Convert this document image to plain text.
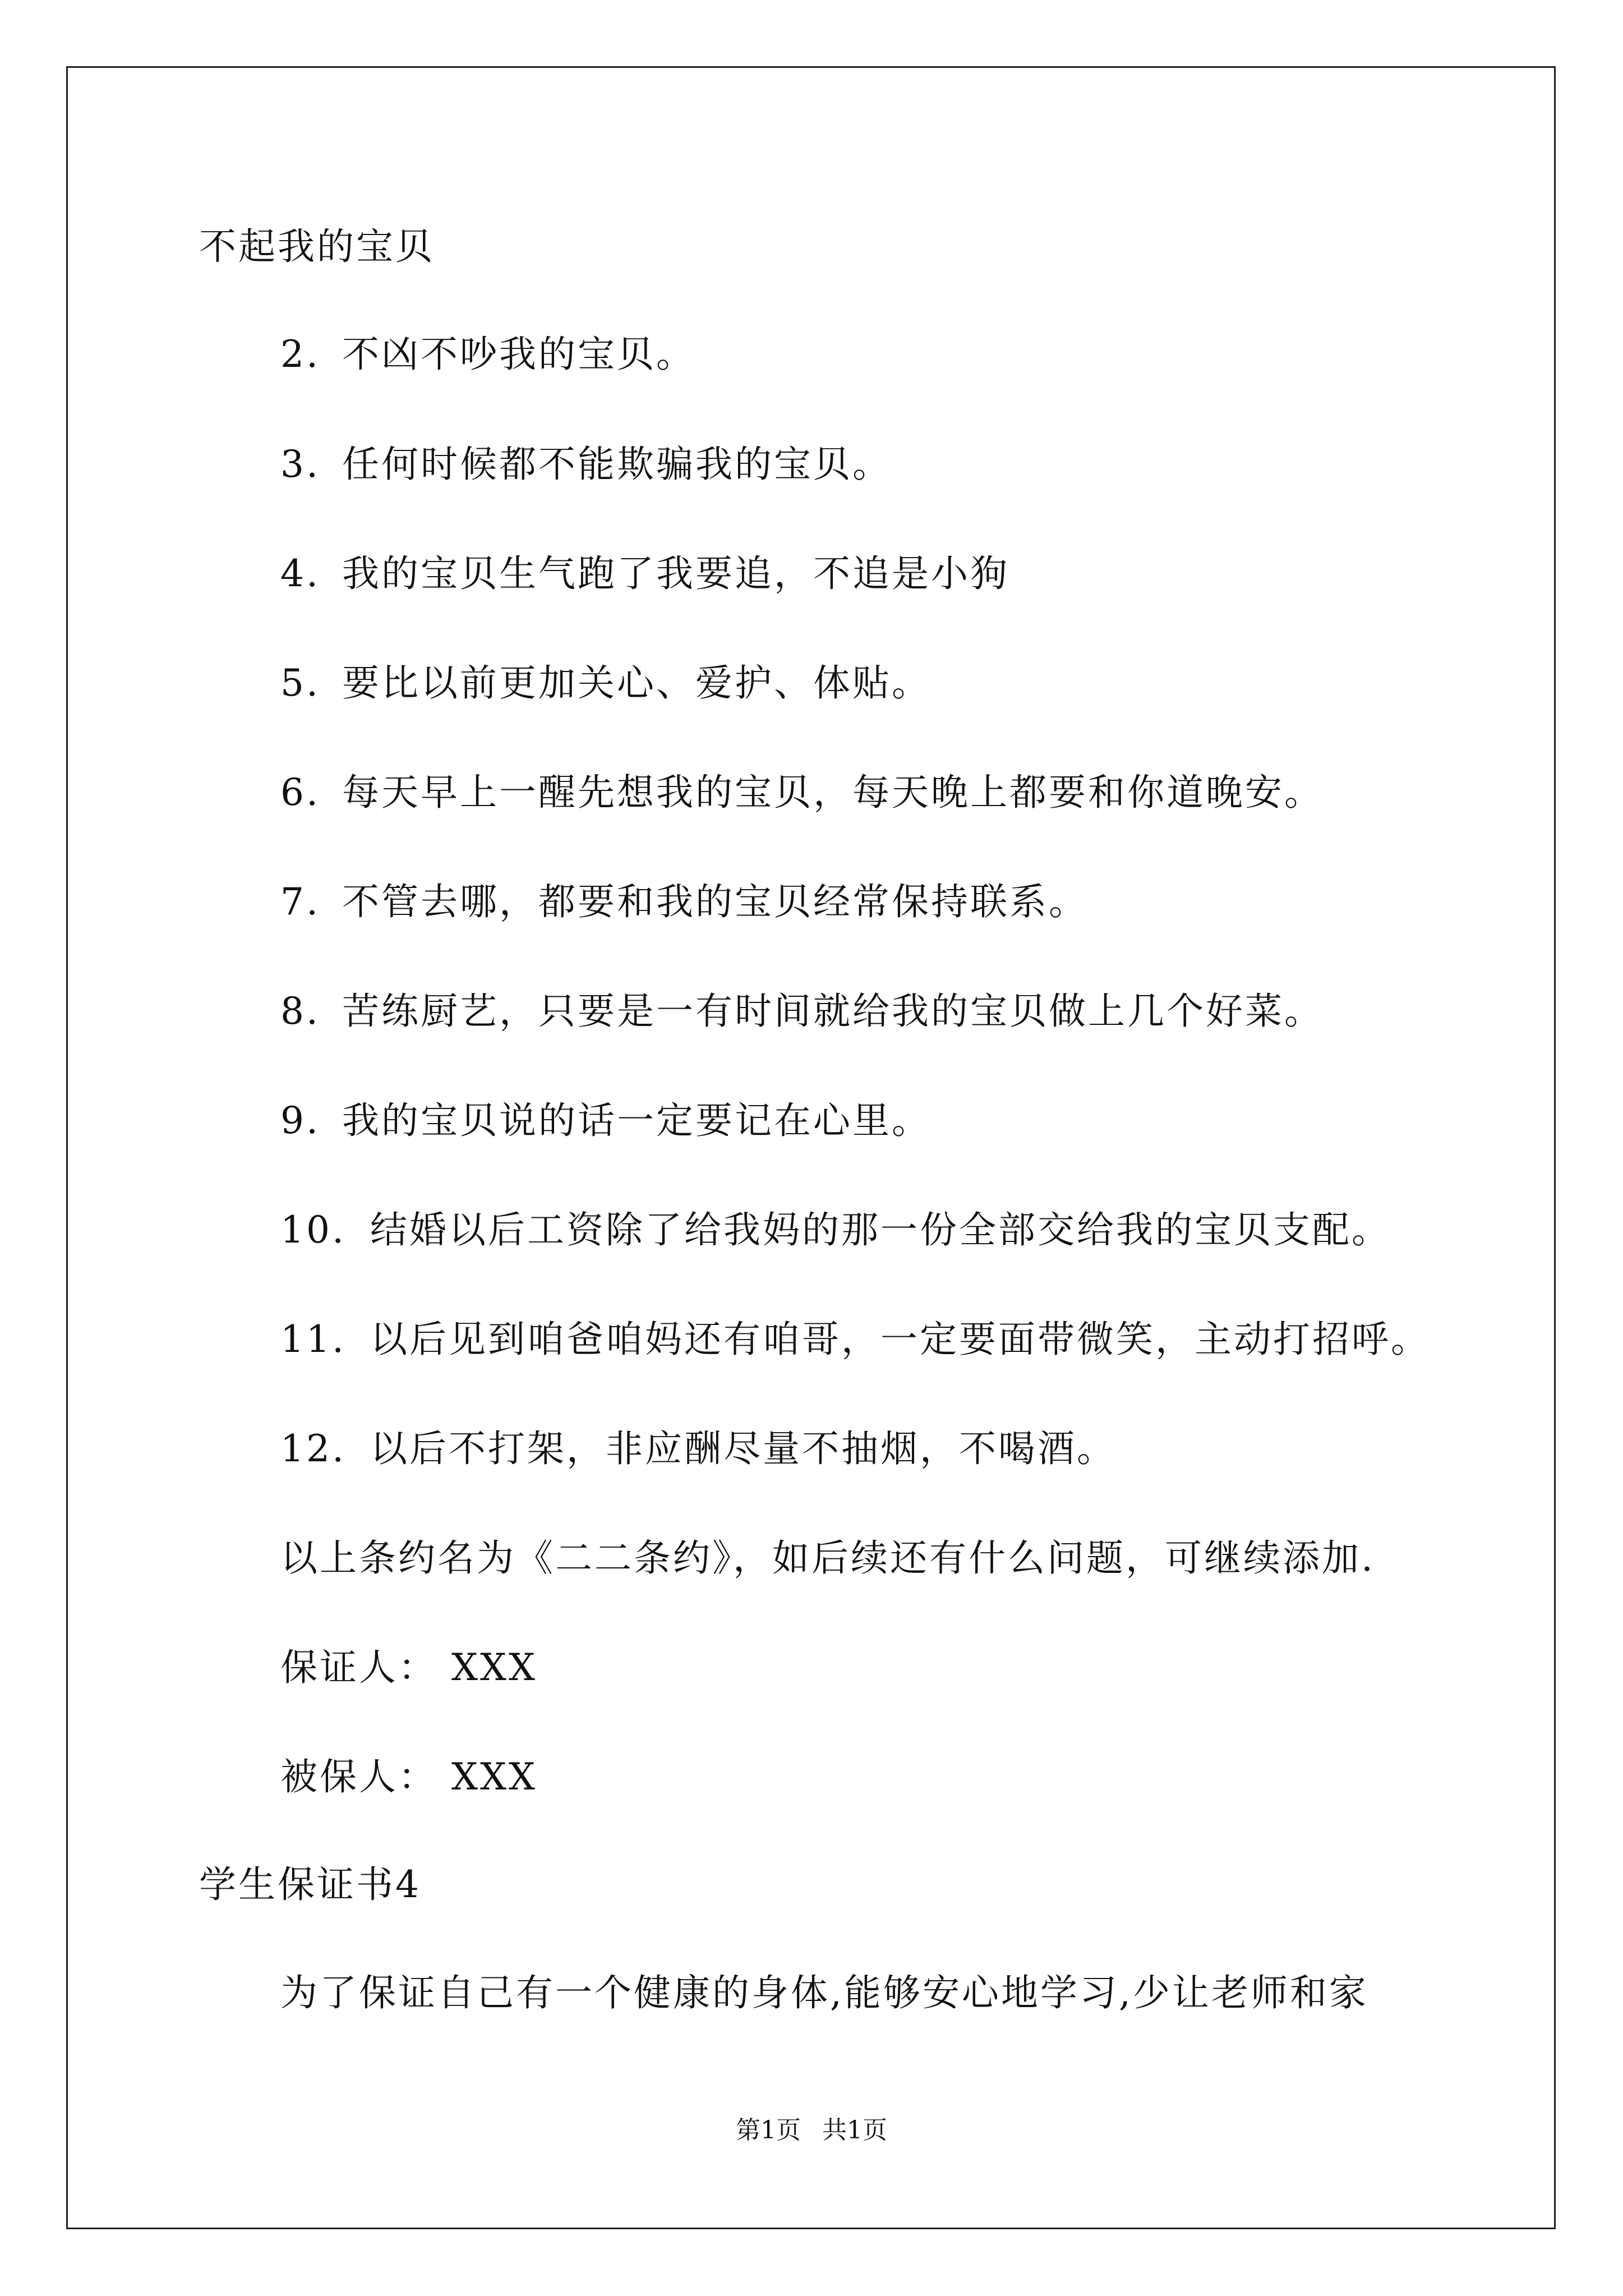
不起我的宝贝
2. 不凶不吵我的宝贝。
3. 任何时候都不能欺骗我的宝贝。
4. 我的宝贝生气跑了我要追，不追是小狗
5. 要比以前更加关心、爱护、体贴。
6. 每天早上一醒先想我的宝贝，每天晚上都要和你道晚安。
7. 不管去哪，都要和我的宝贝经常保持联系。
8. 苦练厨艺，只要是一有时间就给我的宝贝做上几个好菜。
9. 我的宝贝说的话一定要记在心里。
10. 结婚以后工资除了给我妈的那一份全部交给我的宝贝支配。
11. 以后见到咱爸咱妈还有咱哥，一定要面带微笑，主动打招呼。
12. 以后不打架，非应酬尽量不抽烟，不喝酒。
以上条约名为《二二条约》，如后续还有什么问题，可继续添加.
保证人： XXX
被保人： XXX
学生保证书4
为了保证自己有一个健康的身体,能够安心地学习,少让老师和家
第1页 共1页
